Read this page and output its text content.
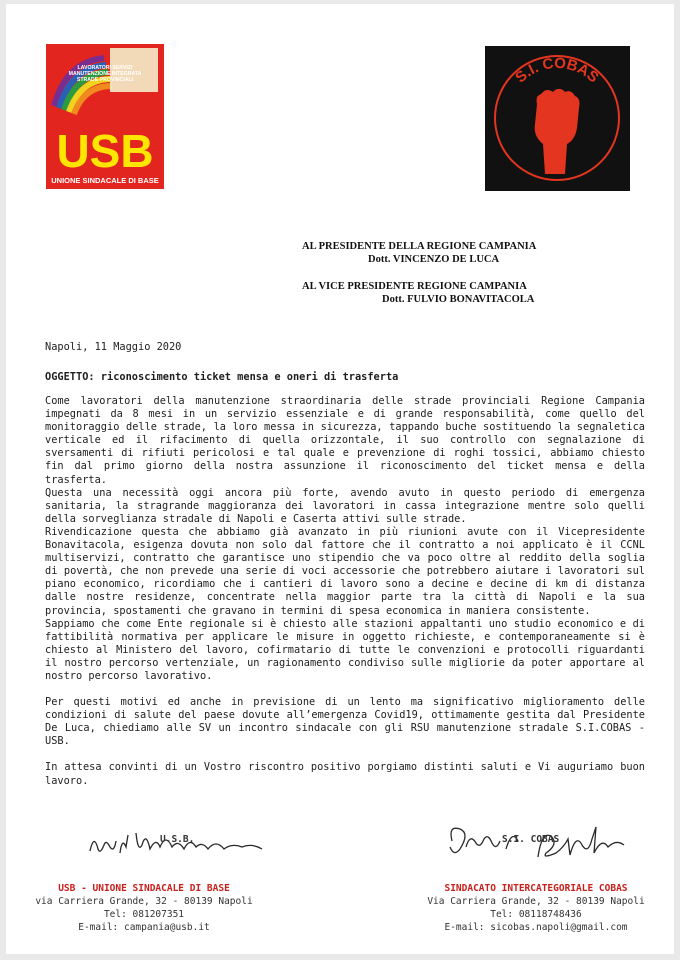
LAVORATORI SERVIZI
MANUTENZIONE INTEGRATA
STRADE PROVINCIALI
USB
UNIONE SINDACALE DI BASE
S.I. COBAS
AL PRESIDENTE DELLA REGIONE CAMPANIA
Dott. VINCENZO DE LUCA
AL VICE PRESIDENTE REGIONE CAMPANIA
Dott. FULVIO BONAVITACOLA
Napoli, 11 Maggio 2020
OGGETTO: riconoscimento ticket mensa e oneri di trasferta

Come lavoratori della manutenzione straordinaria delle strade provinciali Regione Campania impegnati da 8 mesi in un servizio essenziale e di grande responsabilità, come quello del monitoraggio delle strade, la loro messa in sicurezza, tappando buche sostituendo la segnaletica verticale ed il rifacimento di quella orizzontale, il suo controllo con segnalazione di sversamenti di rifiuti pericolosi e tal quale e prevenzione di roghi tossici, abbiamo chiesto fin dal primo giorno della nostra assunzione il riconoscimento del ticket mensa e della trasferta.

Questa una necessità oggi ancora più forte, avendo avuto in questo periodo di emergenza sanitaria, la stragrande maggioranza dei lavoratori in cassa integrazione mentre solo quelli della sorveglianza stradale di Napoli e Caserta attivi sulle strade.

Rivendicazione questa che abbiamo già avanzato in più riunioni avute con il Vicepresidente Bonavitacola, esigenza dovuta non solo dal fattore che il contratto a noi applicato è il CCNL multiservizi, contratto che garantisce uno stipendio che va poco oltre al reddito della soglia di povertà, che non prevede una serie di voci accessorie che potrebbero aiutare i lavoratori sul piano economico, ricordiamo che i cantieri di lavoro sono a decine e decine di km di distanza dalle nostre residenze, concentrate nella maggior parte tra la città di Napoli e la sua provincia, spostamenti che gravano in termini di spesa economica in maniera consistente.

Sappiamo che come Ente regionale si è chiesto alle stazioni appaltanti uno studio economico e di fattibilità normativa per applicare le misure in oggetto richieste, e contemporaneamente si è chiesto al Ministero del lavoro, cofirmatario di tutte le convenzioni e protocolli riguardanti il nostro percorso vertenziale, un ragionamento condiviso sulle migliorie da poter apportare al nostro percorso lavorativo.

Per questi motivi ed anche in previsione di un lento ma significativo miglioramento delle condizioni di salute del paese dovute all’emergenza Covid19, ottimamente gestita dal Presidente De Luca, chiediamo alle SV un incontro sindacale con gli RSU manutenzione stradale S.I.COBAS - USB.

In attesa convinti di un Vostro riscontro positivo porgiamo distinti saluti e Vi auguriamo buon lavoro.

U.S.B.	S.I. COBAS
USB - UNIONE SINDACALE DI BASE
via Carriera Grande, 32 - 80139 Napoli
Tel: 081207351
E-mail: campania@usb.it
SINDACATO INTERCATEGORIALE COBAS
Via Carriera Grande, 32 - 80139 Napoli
Tel: 08118748436
E-mail: sicobas.napoli@gmail.com
